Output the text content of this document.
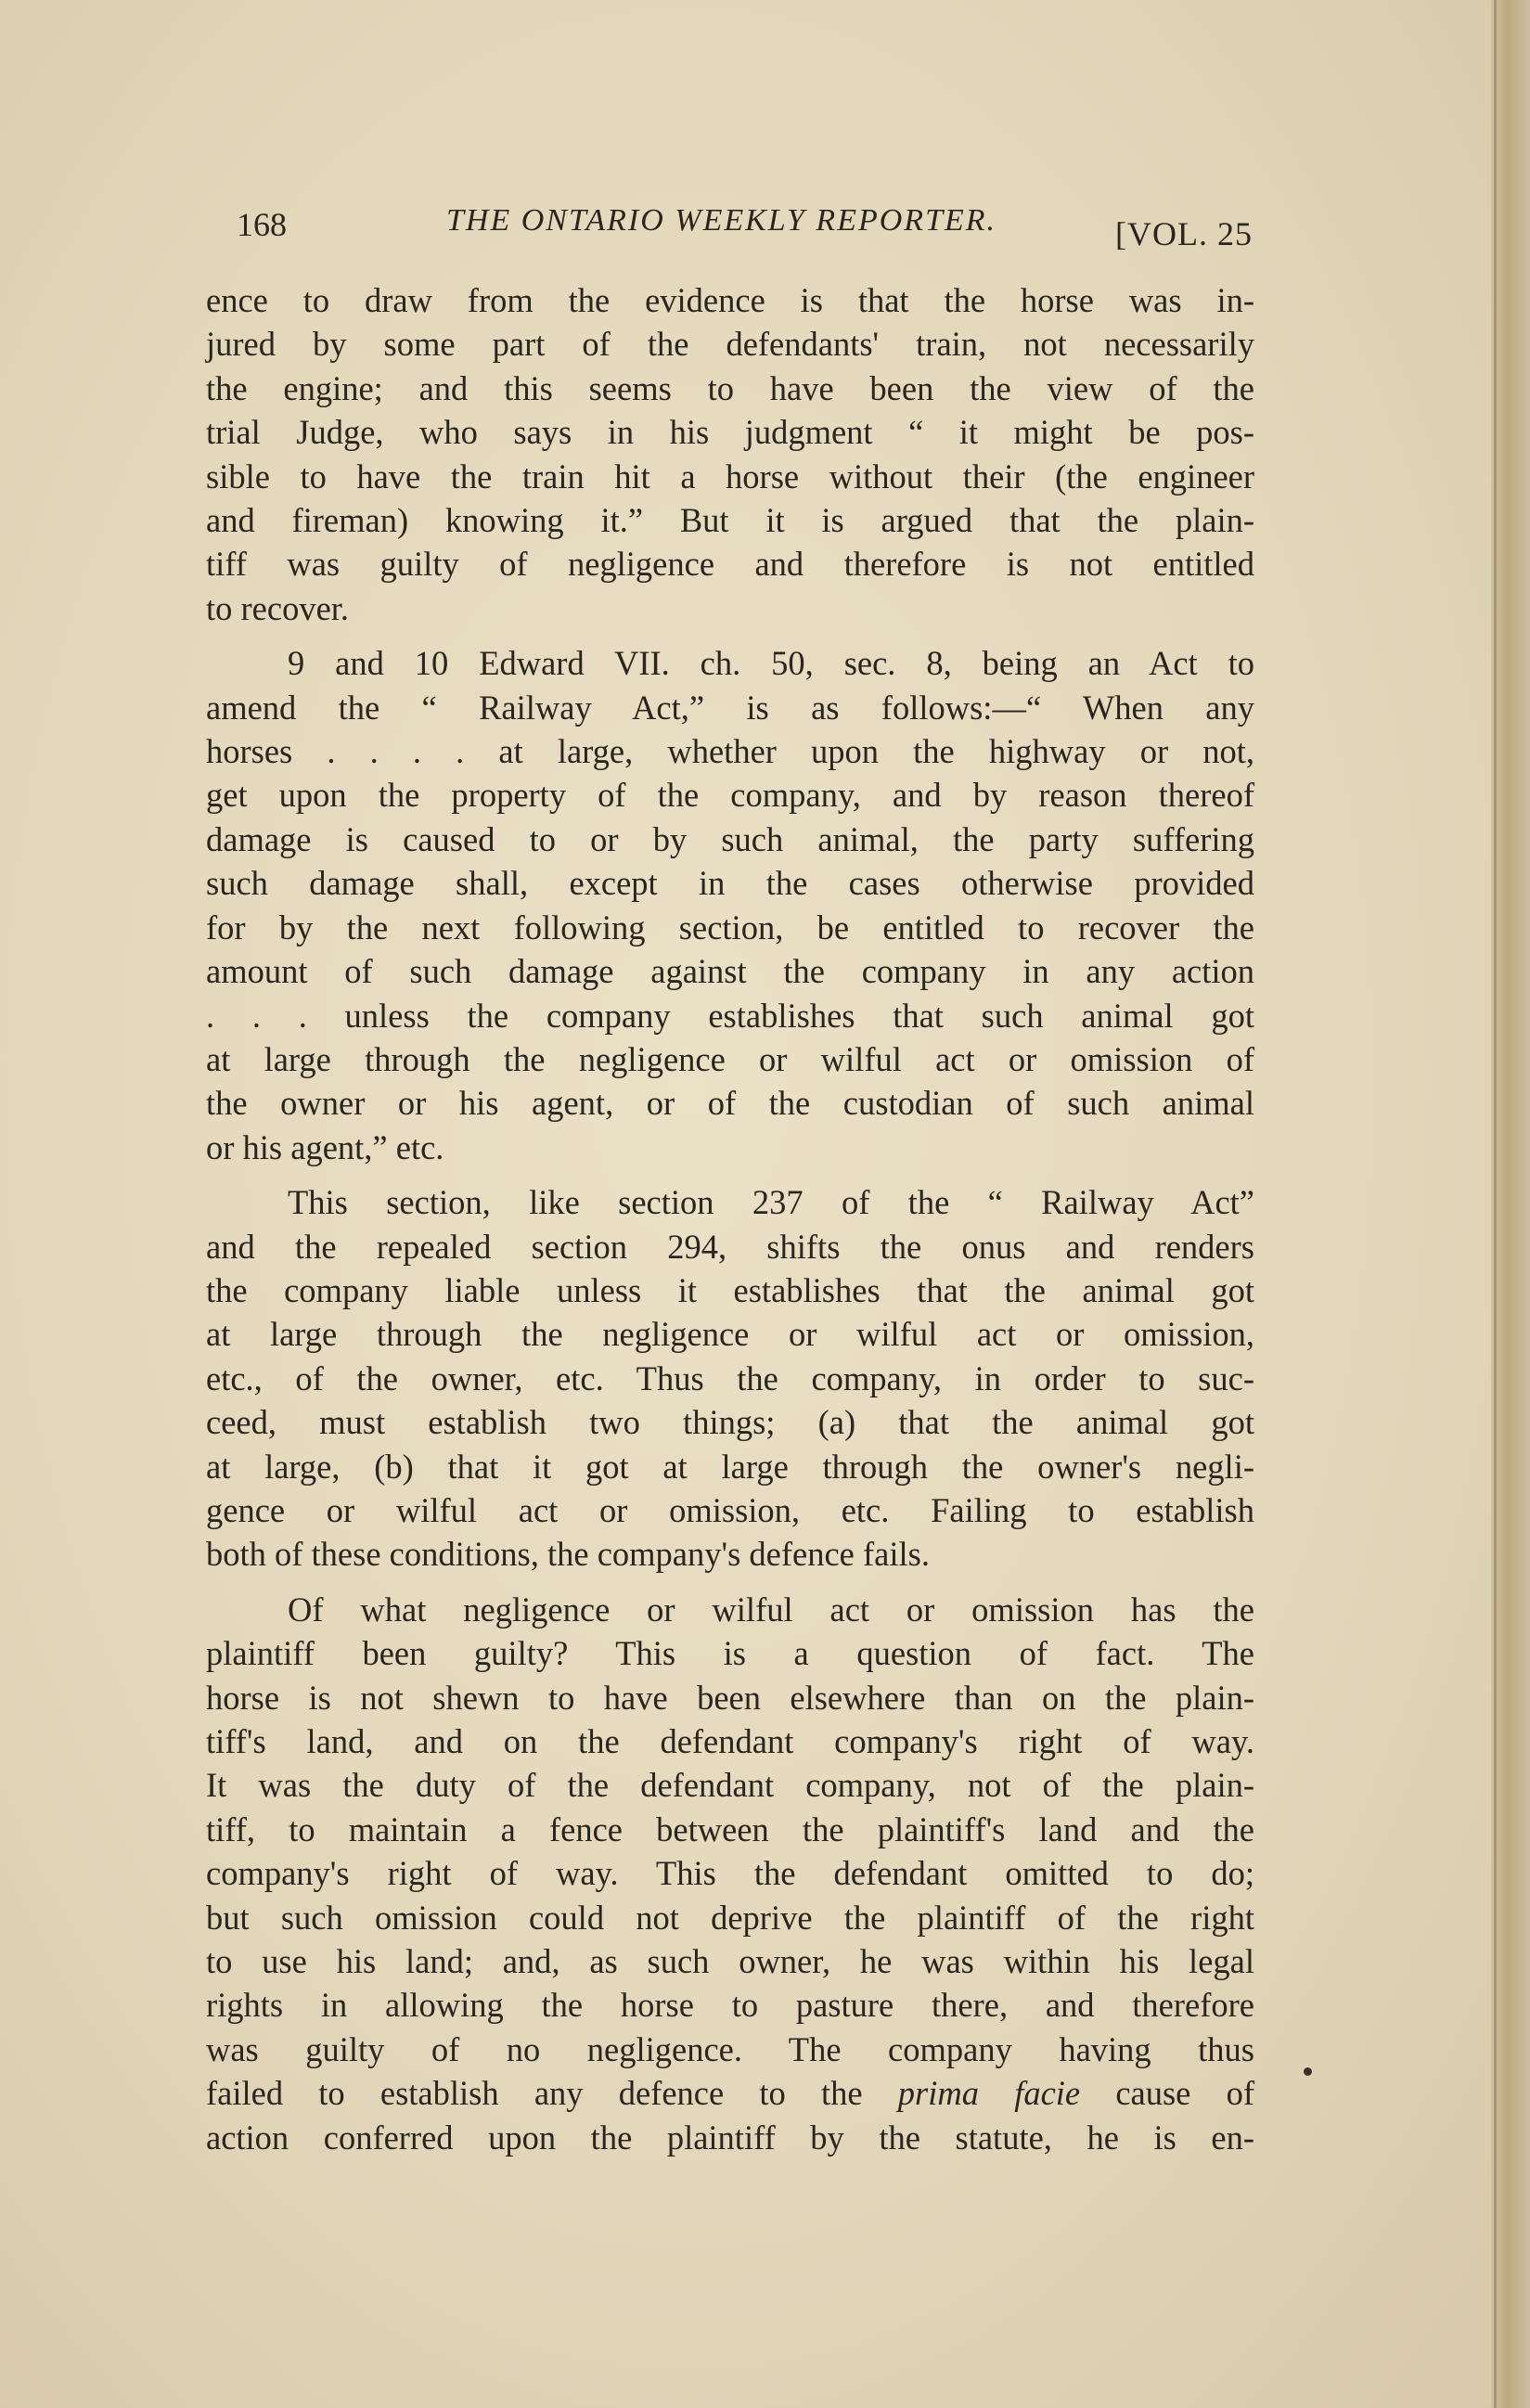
168	THE ONTARIO WEEKLY REPORTER.	[VOL. 25

ence to draw from the evidence is that the horse was in-
jured by some part of the defendants' train, not necessarily
the engine; and this seems to have been the view of the
trial Judge, who says in his judgment “ it might be pos-
sible to have the train hit a horse without their (the engineer
and fireman) knowing it.” But it is argued that the plain-
tiff was guilty of negligence and therefore is not entitled
to recover.

9 and 10 Edward VII. ch. 50, sec. 8, being an Act to
amend the “ Railway Act,” is as follows:—“ When any
horses . . . . at large, whether upon the highway or not,
get upon the property of the company, and by reason thereof
damage is caused to or by such animal, the party suffering
such damage shall, except in the cases otherwise provided
for by the next following section, be entitled to recover the
amount of such damage against the company in any action
. . . unless the company establishes that such animal got
at large through the negligence or wilful act or omission of
the owner or his agent, or of the custodian of such animal
or his agent,” etc.

This section, like section 237 of the “ Railway Act”
and the repealed section 294, shifts the onus and renders
the company liable unless it establishes that the animal got
at large through the negligence or wilful act or omission,
etc., of the owner, etc. Thus the company, in order to suc-
ceed, must establish two things; (a) that the animal got
at large, (b) that it got at large through the owner's negli-
gence or wilful act or omission, etc. Failing to establish
both of these conditions, the company's defence fails.

Of what negligence or wilful act or omission has the
plaintiff been guilty? This is a question of fact. The
horse is not shewn to have been elsewhere than on the plain-
tiff's land, and on the defendant company's right of way.
It was the duty of the defendant company, not of the plain-
tiff, to maintain a fence between the plaintiff's land and the
company's right of way. This the defendant omitted to do;
but such omission could not deprive the plaintiff of the right
to use his land; and, as such owner, he was within his legal
rights in allowing the horse to pasture there, and therefore
was guilty of no negligence. The company having thus
failed to establish any defence to the prima facie cause of
action conferred upon the plaintiff by the statute, he is en-
